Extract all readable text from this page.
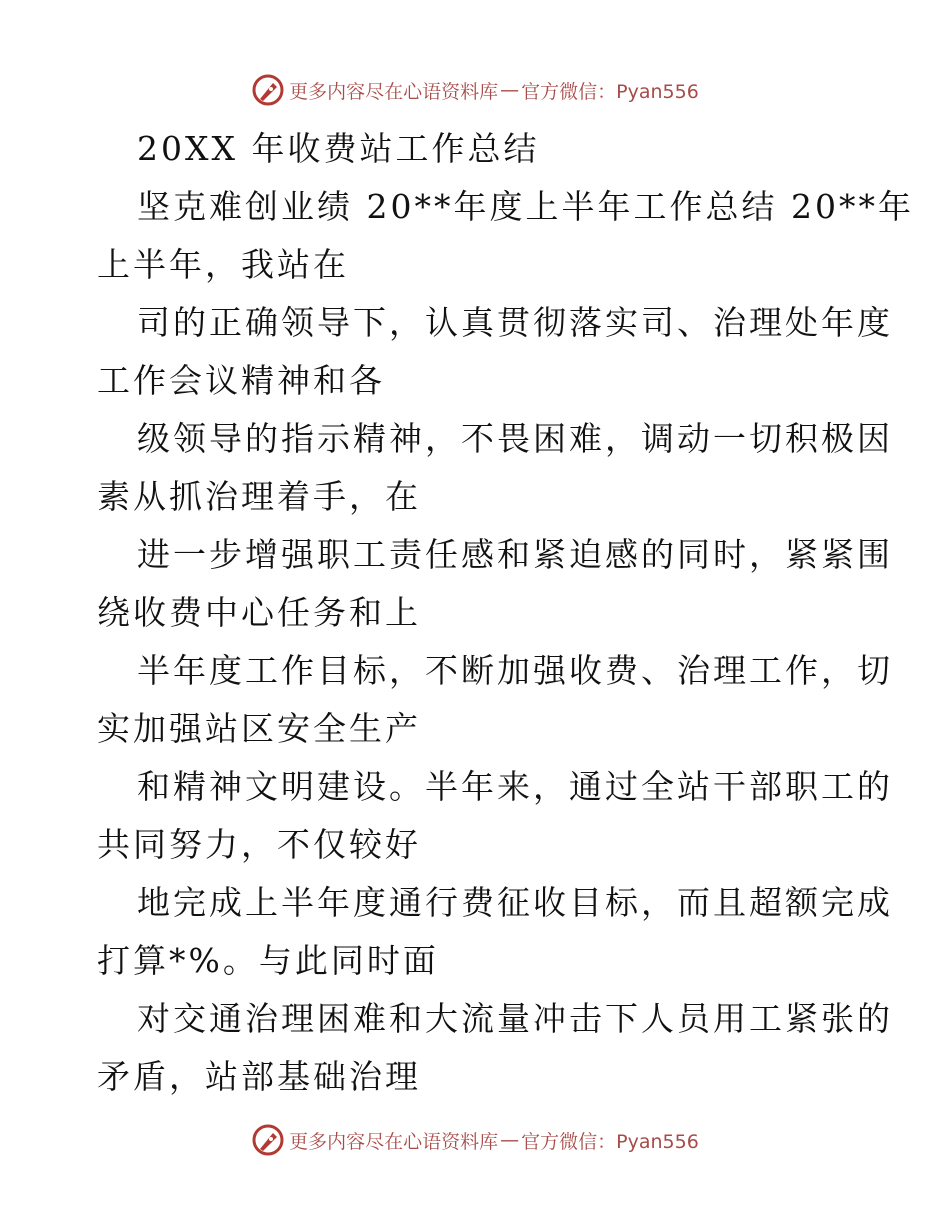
更多内容尽在心语资料库 — 官方微信：Pyan556
20XX 年收费站工作总结
坚克难创业绩 20**年度上半年工作总结 20**年
上半年，我站在
司的正确领导下，认真贯彻落实司、治理处年度
工作会议精神和各
级领导的指示精神，不畏困难，调动一切积极因
素从抓治理着手，在
进一步增强职工责任感和紧迫感的同时，紧紧围
绕收费中心任务和上
半年度工作目标，不断加强收费、治理工作，切
实加强站区安全生产
和精神文明建设。半年来，通过全站干部职工的
共同努力，不仅较好
地完成上半年度通行费征收目标，而且超额完成
打算*%。与此同时面
对交通治理困难和大流量冲击下人员用工紧张的
矛盾，站部基础治理
更多内容尽在心语资料库 — 官方微信：Pyan556
